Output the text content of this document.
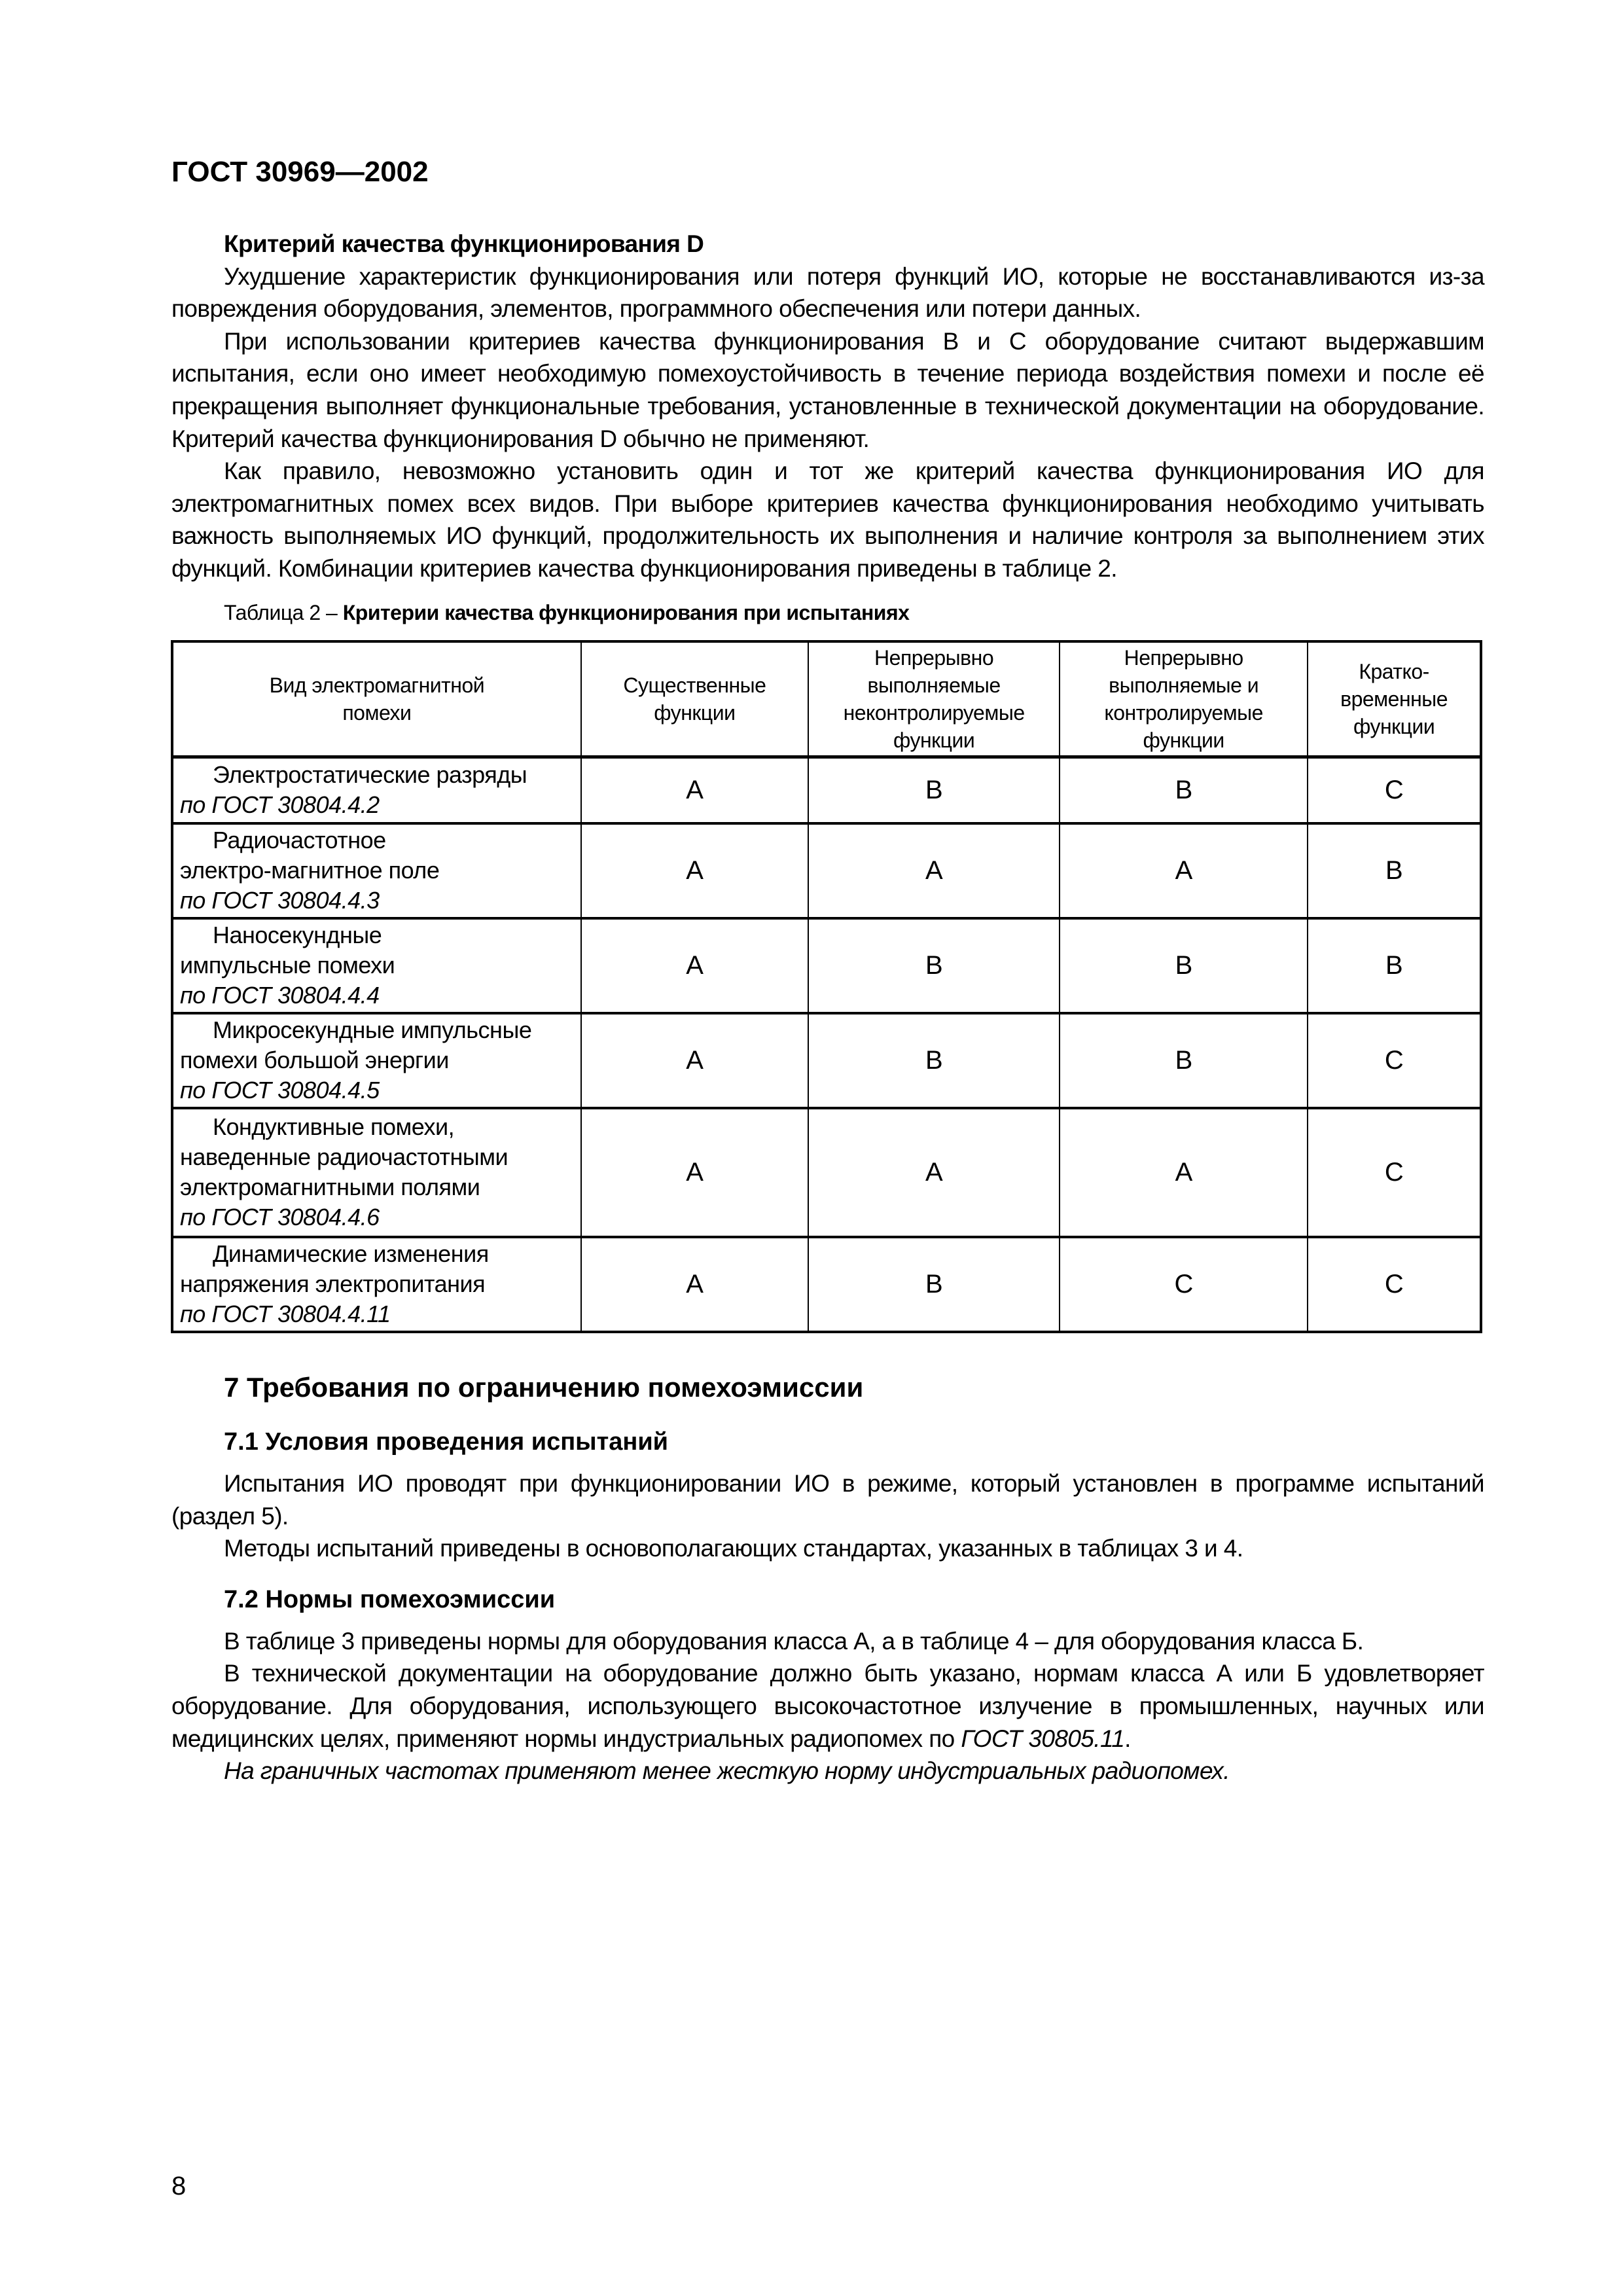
ГОСТ 30969—2002

Критерий качества функционирования D

Ухудшение характеристик функционирования или потеря функций ИО, которые не восстанавливаются из-за повреждения оборудования, элементов, программного обеспечения или потери данных.

При использовании критериев качества функционирования В и С оборудование считают выдержавшим испытания, если оно имеет необходимую помехоустойчивость в течение периода воздействия помехи и после её прекращения выполняет функциональные требования, установленные в технической документации на оборудование. Критерий качества функционирования D обычно не применяют.

Как правило, невозможно установить один и тот же критерий качества функционирования ИО для электромагнитных помех всех видов. При выборе критериев качества функционирования необходимо учитывать важность выполняемых ИО функций, продолжительность их выполнения и наличие контроля за выполнением этих функций. Комбинации критериев качества функционирования приведены в таблице 2.

Таблица 2 – Критерии качества функционирования при испытаниях
Вид электромагнитной помехи	Существенные функции	Непрерывно выполняемые неконтролируемые функции	Непрерывно выполняемые и контролируемые функции	Кратко-временные функции
Электростатические разряды
по ГОСТ 30804.4.2	А	В	В	С

Радиочастотное электро-магнитное поле
по ГОСТ 30804.4.3	А	А	А	В

Наносекундные импульсные помехи
по ГОСТ 30804.4.4	А	В	В	В

Микросекундные импульсные помехи большой энергии
по ГОСТ 30804.4.5	А	В	В	С

Кондуктивные помехи, наведенные радиочастотными электромагнитными полями
по ГОСТ 30804.4.6	А	А	А	С

Динамические изменения напряжения электропитания
по ГОСТ 30804.4.11	А	В	С	С
7 Требования по ограничению помехоэмиссии
7.1 Условия проведения испытаний

Испытания ИО проводят при функционировании ИО в режиме, который установлен в программе испытаний (раздел 5).

Методы испытаний приведены в основополагающих стандартах, указанных в таблицах 3 и 4.

7.2 Нормы помехоэмиссии

В таблице 3 приведены нормы для оборудования класса А, а в таблице 4 – для оборудования класса Б.

В технической документации на оборудование должно быть указано, нормам класса А или Б удовлетворяет оборудование. Для оборудования, использующего высокочастотное излучение в промышленных, научных или медицинских целях, применяют нормы индустриальных радиопомех по ГОСТ 30805.11.

На граничных частотах применяют менее жесткую норму индустриальных радиопомех.

8
